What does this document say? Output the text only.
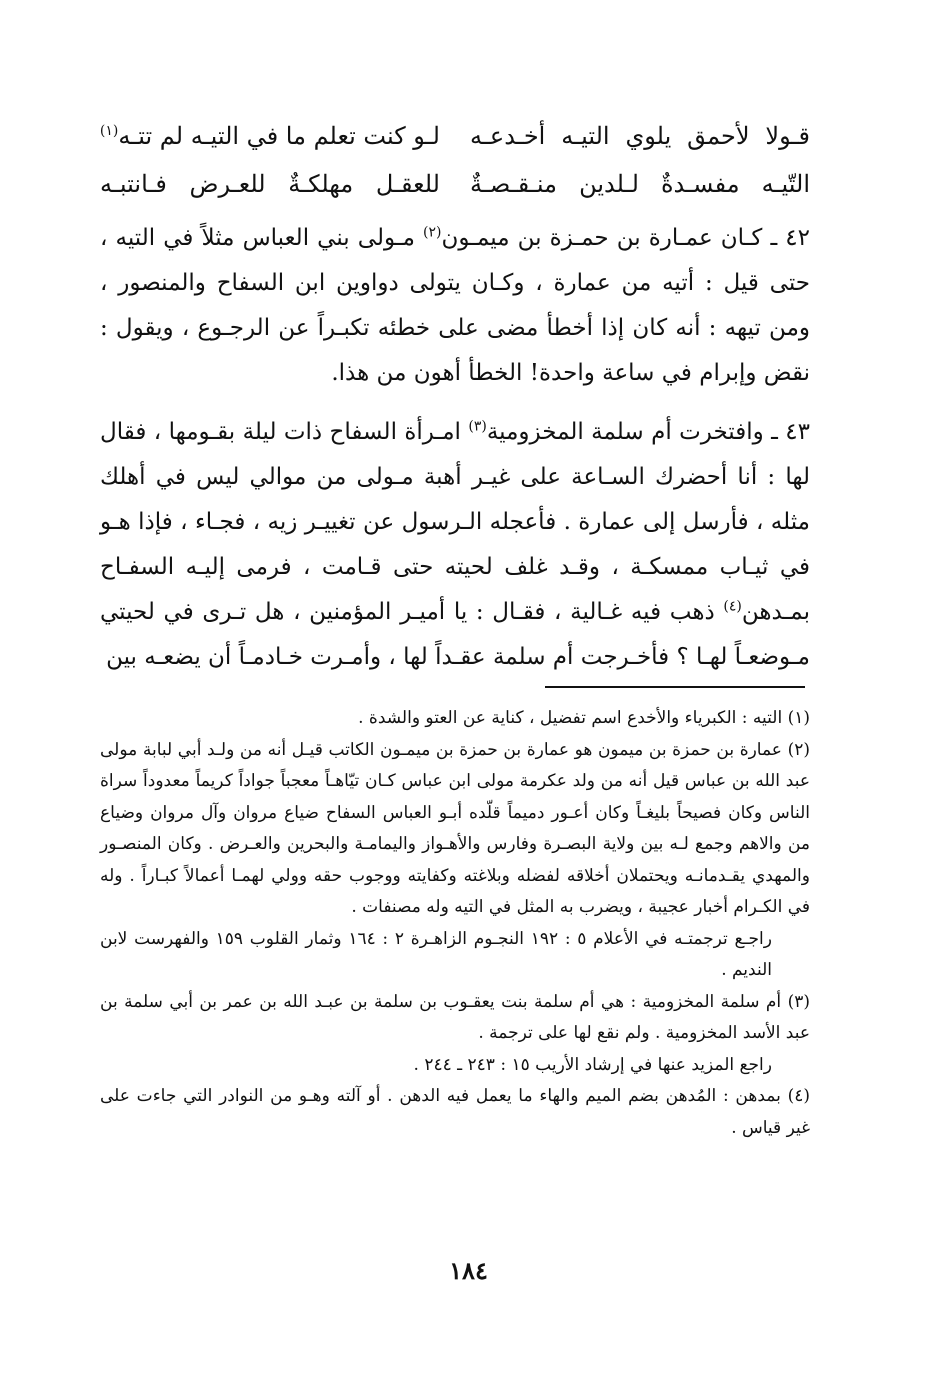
قـولا لأحمق يلوي التيـه أخـدعـه
لـو كنت تعلم ما في التيـه لم تتـه$^{(١)}$
التّيـه مفسـدةٌ لـلدين منـقـصـةٌ
للعقـل مهلكـةٌ للعـرض فـانتبـه
٤٢ ـ كـان عمـارة بن حمـزة بن ميمـون$^{(٢)}$ مـولى بني العباس مثلاً في التيه ، حتى قيل : أتيه من عمارة ، وكـان يتولى دواوين ابن السفاح والمنصور ، ومن تيهه : أنه كان إذا أخطأ مضى على خطئه تكبـراً عن الرجـوع ، ويقول : نقض وإبرام في ساعة واحدة! الخطأ أهون من هذا.
٤٣ ـ وافتخرت أم سلمة المخزومية$^{(٣)}$ امـرأة السفاح ذات ليلة بقـومها ، فقال لها : أنا أحضرك السـاعة على غيـر أهبة مـولى من موالي ليس في أهلك مثله ، فأرسل إلى عمارة . فأعجله الـرسول عن تغييـر زيه ، فجـاء ، فإذا هـو في ثيـاب ممسكـة ، وقـد غلف لحيته حتى قـامت ، فرمى إليـه السفـاح بمـدهن$^{(٤)}$ ذهب فيه غـالية ، فقـال : يا أميـر المؤمنين ، هل تـرى في لحيتي مـوضعـاً لهـا ؟ فأخـرجت أم سلمة عقـداً لها ، وأمـرت خـادمـاً أن يضعـه بين
(١) التيه : الكبرياء والأخدع اسم تفضيل ، كناية عن العتو والشدة .
(٢) عمارة بن حمزة بن ميمون هو عمارة بن حمزة بن ميمـون الكاتب قيـل أنه من ولـد أبي لبابة مولى عبد الله بن عباس قيل أنه من ولد عكرمة مولى ابن عباس كـان تيّاهـاً معجباً جواداً كريماً معدوداً سراة الناس وكان فصيحاً بليغـاً وكان أعـور دميماً قلّده أبـو العباس السفاح ضياع مروان وآل مروان وضياع من والاهم وجمع لـه بين ولاية البصـرة وفارس والأهـواز واليمامـة والبحرين والعـرض . وكان المنصـور والمهدي يقـدمانـه ويحتملان أخلاقه لفضله وبلاغته وكفايته ووجوب حقه وولي لهمـا أعمالاً كبـاراً . وله في الكـرام أخبار عجيبة ، ويضرب به المثل في التيه وله مصنفات .
راجـع ترجمتـه في الأعلام ٥ : ١٩٢ النجـوم الزاهـرة ٢ : ١٦٤ وثمار القلوب ١٥٩ والفهرست لابن النديم .
(٣) أم سلمة المخزومية : هي أم سلمة بنت يعقـوب بن سلمة بن عبـد الله بن عمر بن أبي سلمة بن عبد الأسد المخزومية . ولم نقع لها على ترجمة .
راجع المزيد عنها في إرشاد الأريب ١٥ : ٢٤٣ ـ ٢٤٤ .
(٤) بمدهن : المُدهن بضم الميم والهاء ما يعمل فيه الدهن . أو آلته وهـو من النوادر التي جاءت على غير قياس .
١٨٤
